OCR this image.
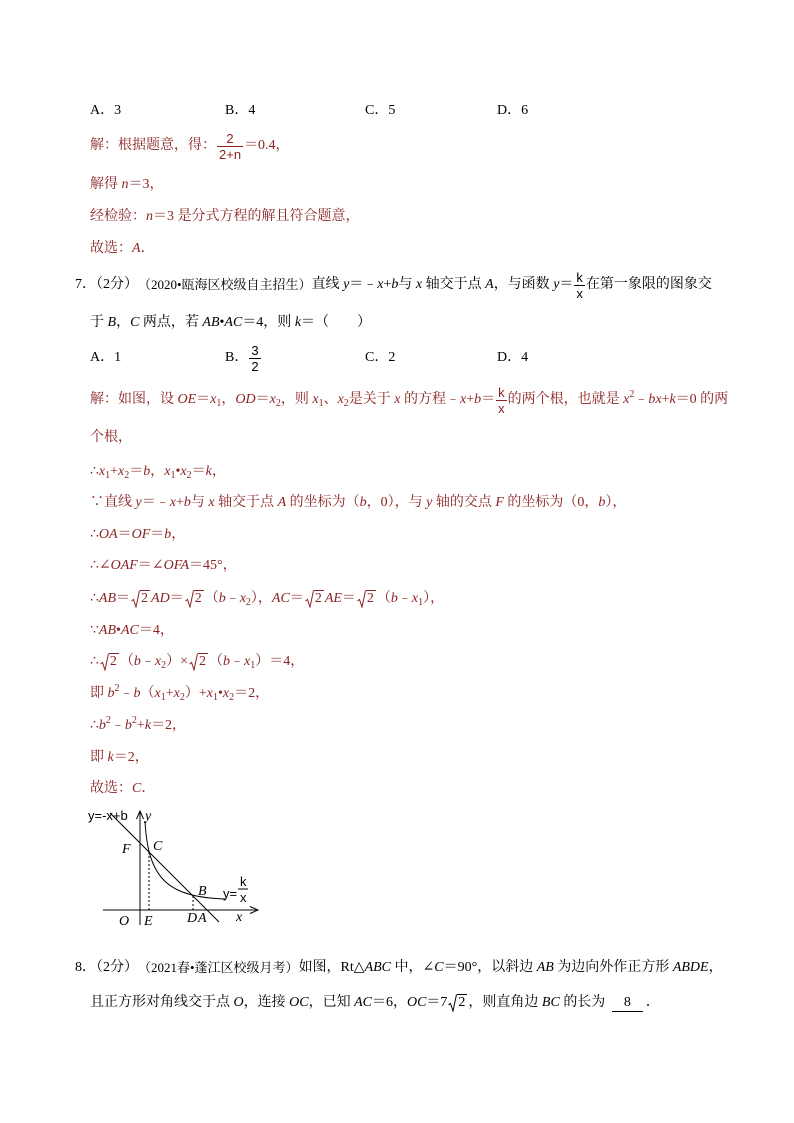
A．3	B．4	C．5	D．6
解：根据题意，得： $\frac{2}{2+n} =0.4$，
解得 n ＝3，
经检验： n ＝3 是分式方程的解且符合题意，
故选： A ．
7．（2分） （2020•瓯海区校级自主招生） 直线 y ＝﹣ x + b 与 x 轴交于点 A ，与函数 $y = \frac{k}{x}$ 在第一象限的图象交
于 B ， C 两点，若 AB • AC ＝4，则 k ＝（　　）
A．1	B． $\frac{3}{2}$	C．2	D．4
解：如图，设 OE ＝ x 1 ， OD ＝ x 2 ，则 x 1 、 x 2 是关于 x 的方程﹣ $x + b = \frac{k}{x}$ 的两个根，也就是 x 2 ﹣ bx + k ＝0 的两
个根，
∴ x 1 + x 2 ＝ b ， x 1 • x 2 ＝ k ，
∵直线 y ＝﹣ x + b 与 x 轴交于点 A 的坐标为（ b ，0），与 y 轴的交点 F 的坐标为（0， b ），
∴ OA ＝ OF ＝ b ，
∴∠ OAF ＝∠ OFA ＝45°，
∴ AB ＝ 2 AD ＝ 2 （ b ﹣ x 2 ）， AC ＝ 2 AE ＝ 2 （ b ﹣ x 1 ），
∵ AB • AC ＝4，
∴ 2 （ b ﹣ x 2 ）× 2 （ b ﹣ x 1 ）＝4，
即 b 2 ﹣ b （ x 1 + x 2 ）+ x 1 • x 2 ＝2，
∴ b 2 ﹣ b 2 + k ＝2，
即 k ＝2，
故选： C ．
y=-x+b y
F C
B y=
k
x
O E D A x
8．（2分） （2021春•蓬江区校级月考） 如图，Rt△ ABC 中，∠ C ＝90°，以斜边 AB 为边向外作正方形 ABDE ，
且正方形对角线交于点 O ，连接 OC ，已知 AC ＝6， OC ＝7 2 ，则直角边 BC 的长为	8	．
